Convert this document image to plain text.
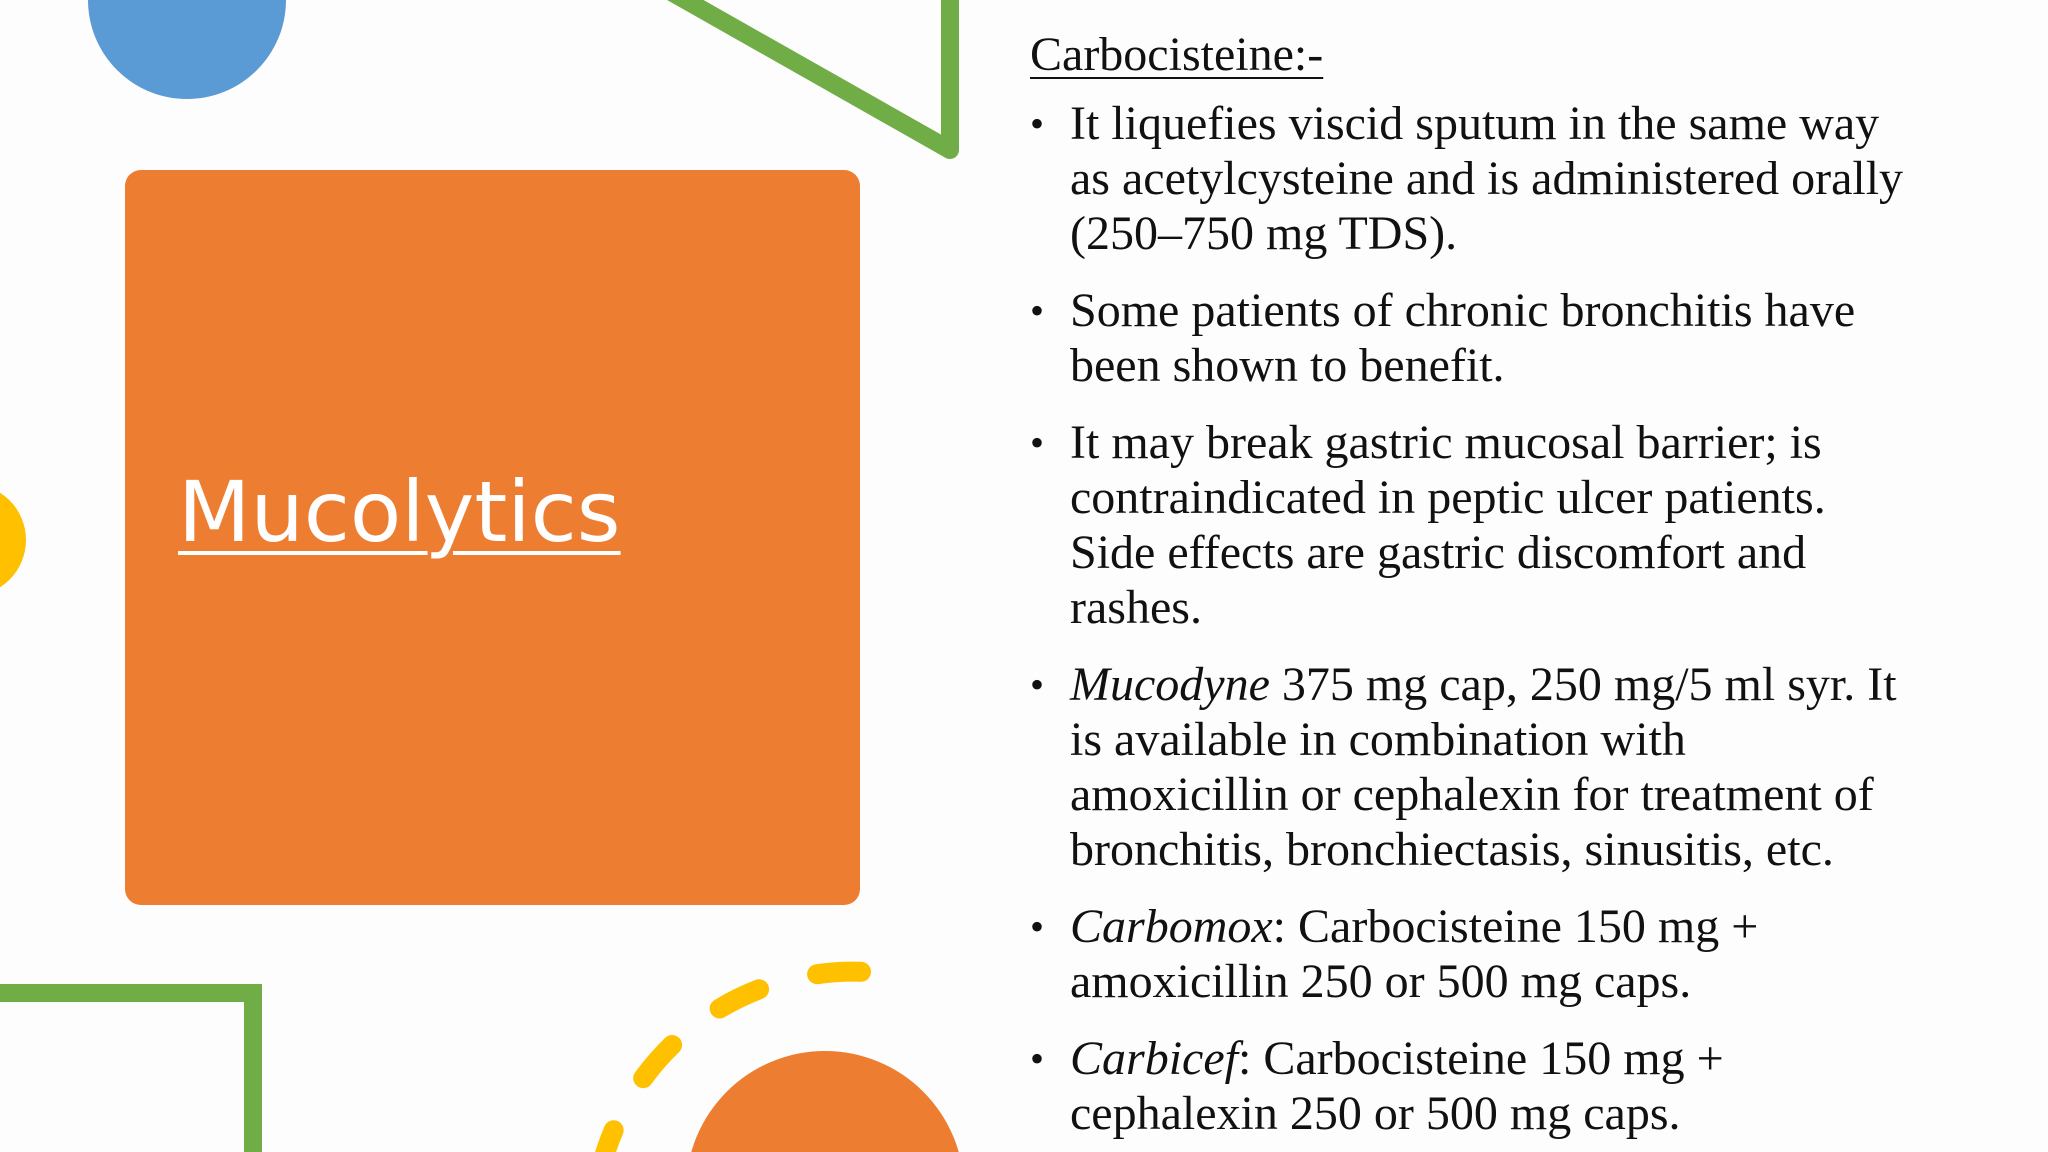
Mucolytics
Carbocisteine:-
• It liquefies viscid sputum in the same way
as acetylcysteine and is administered orally
(250–750 mg TDS).
• Some patients of chronic bronchitis have
been shown to benefit.
• It may break gastric mucosal barrier; is
contraindicated in peptic ulcer patients.
Side effects are gastric discomfort and
rashes.
• Mucodyne 375 mg cap, 250 mg/5 ml syr. It
is available in combination with
amoxicillin or cephalexin for treatment of
bronchitis, bronchiectasis, sinusitis, etc.
• Carbomox: Carbocisteine 150 mg +
amoxicillin 250 or 500 mg caps.
• Carbicef: Carbocisteine 150 mg +
cephalexin 250 or 500 mg caps.
